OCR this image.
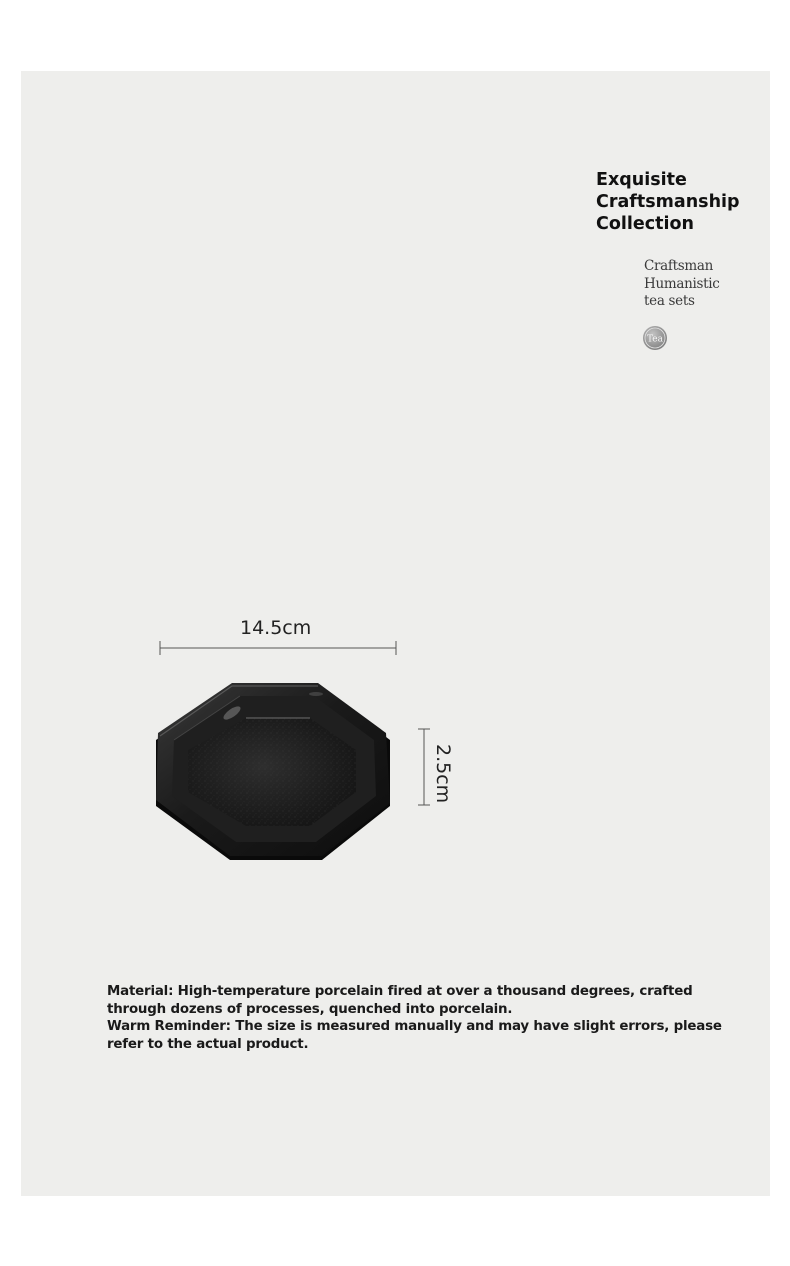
Exquisite
Craftsmanship
Collection

Craftsman
Humanistic
tea sets

Tea
14.5cm
2.5cm

Material: High-temperature porcelain fired at over a thousand degrees, crafted through dozens of processes, quenched into porcelain.

Warm Reminder: The size is measured manually and may have slight errors, please refer to the actual product.
